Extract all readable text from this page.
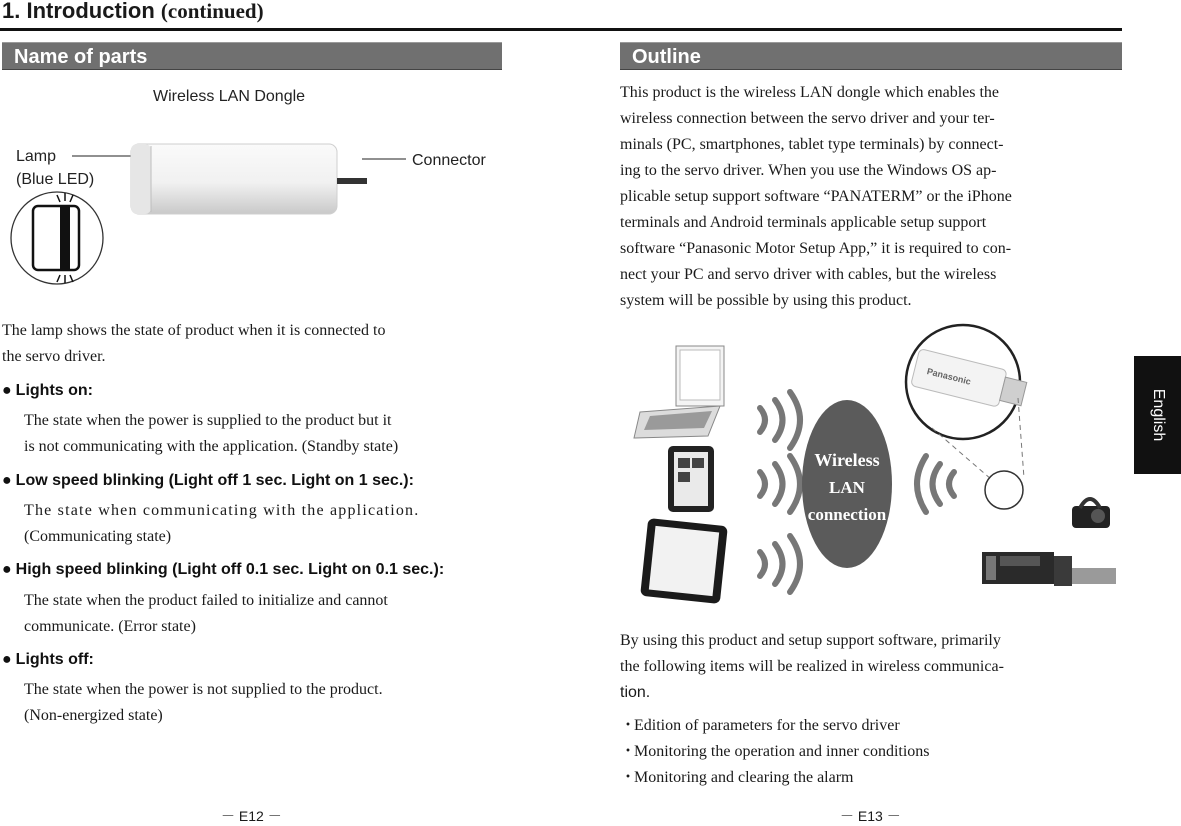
1. Introduction (continued)
Name of parts
Wireless LAN Dongle
Lamp
(Blue LED)
Connector
The lamp shows the state of product when it is connected to
the servo driver.
● Lights on:
The state when the power is supplied to the product but it
is not communicating with the application. (Standby state)
● Low speed blinking (Light off 1 sec. Light on 1 sec.):
The state when communicating with the application.
(Communicating state)
● High speed blinking (Light off 0.1 sec. Light on 0.1 sec.):
The state when the product failed to initialize and cannot
communicate. (Error state)
● Lights off:
The state when the power is not supplied to the product.
(Non-energized state)
－ E12 －
Outline
This product is the wireless LAN dongle which enables the
wireless connection between the servo driver and your ter-
minals (PC, smartphones, tablet type terminals) by connect-
ing to the servo driver. When you use the Windows OS ap-
plicable setup support software “PANATERM” or the iPhone
terminals and Android terminals applicable setup support
software “Panasonic Motor Setup App,” it is required to con-
nect your PC and servo driver with cables, but the wireless
system will be possible by using this product.
Wireless
LAN
connection
Panasonic
By using this product and setup support software, primarily
the following items will be realized in wireless communica-
tion.
・Edition of parameters for the servo driver
・Monitoring the operation and inner conditions
・Monitoring and clearing the alarm
－ E13 －
English
